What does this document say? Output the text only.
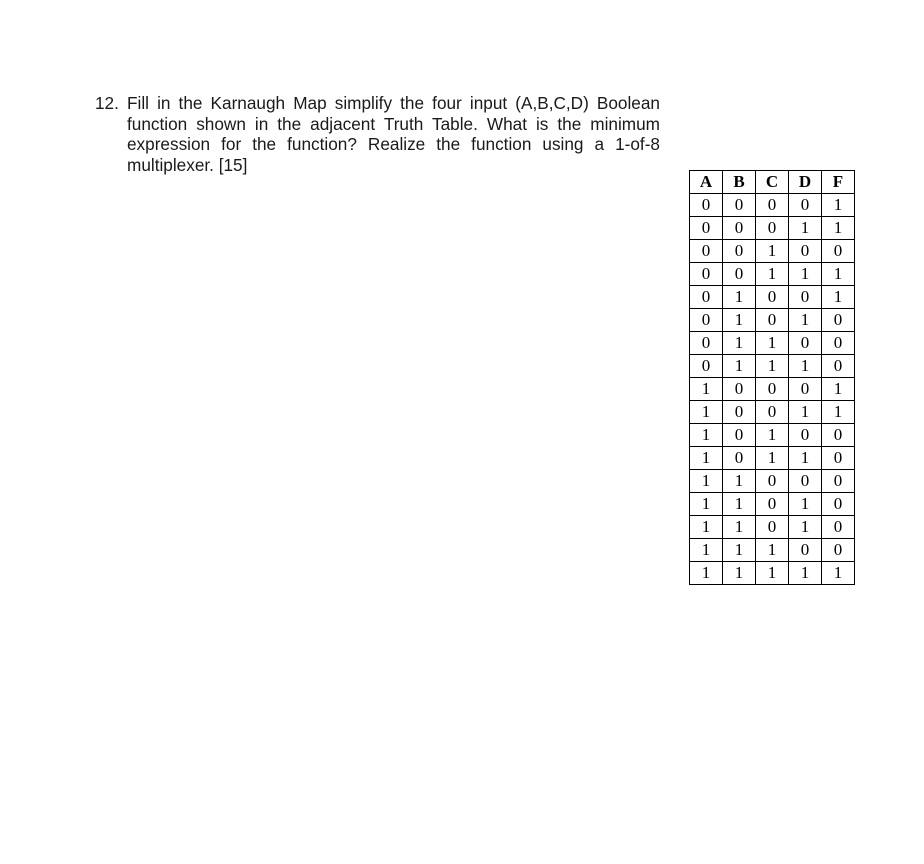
12. Fill in the Karnaugh Map simplify the four input (A,B,C,D) Boolean function shown in the adjacent Truth Table. What is the minimum expression for the function? Realize the function using a 1-of-8 multiplexer. [15]
A	B	C	D	F
0	0	0	0	1
0	0	0	1	1
0	0	1	0	0
0	0	1	1	1
0	1	0	0	1
0	1	0	1	0
0	1	1	0	0
0	1	1	1	0
1	0	0	0	1
1	0	0	1	1
1	0	1	0	0
1	0	1	1	0
1	1	0	0	0
1	1	0	1	0
1	1	0	1	0
1	1	1	0	0
1	1	1	1	1
